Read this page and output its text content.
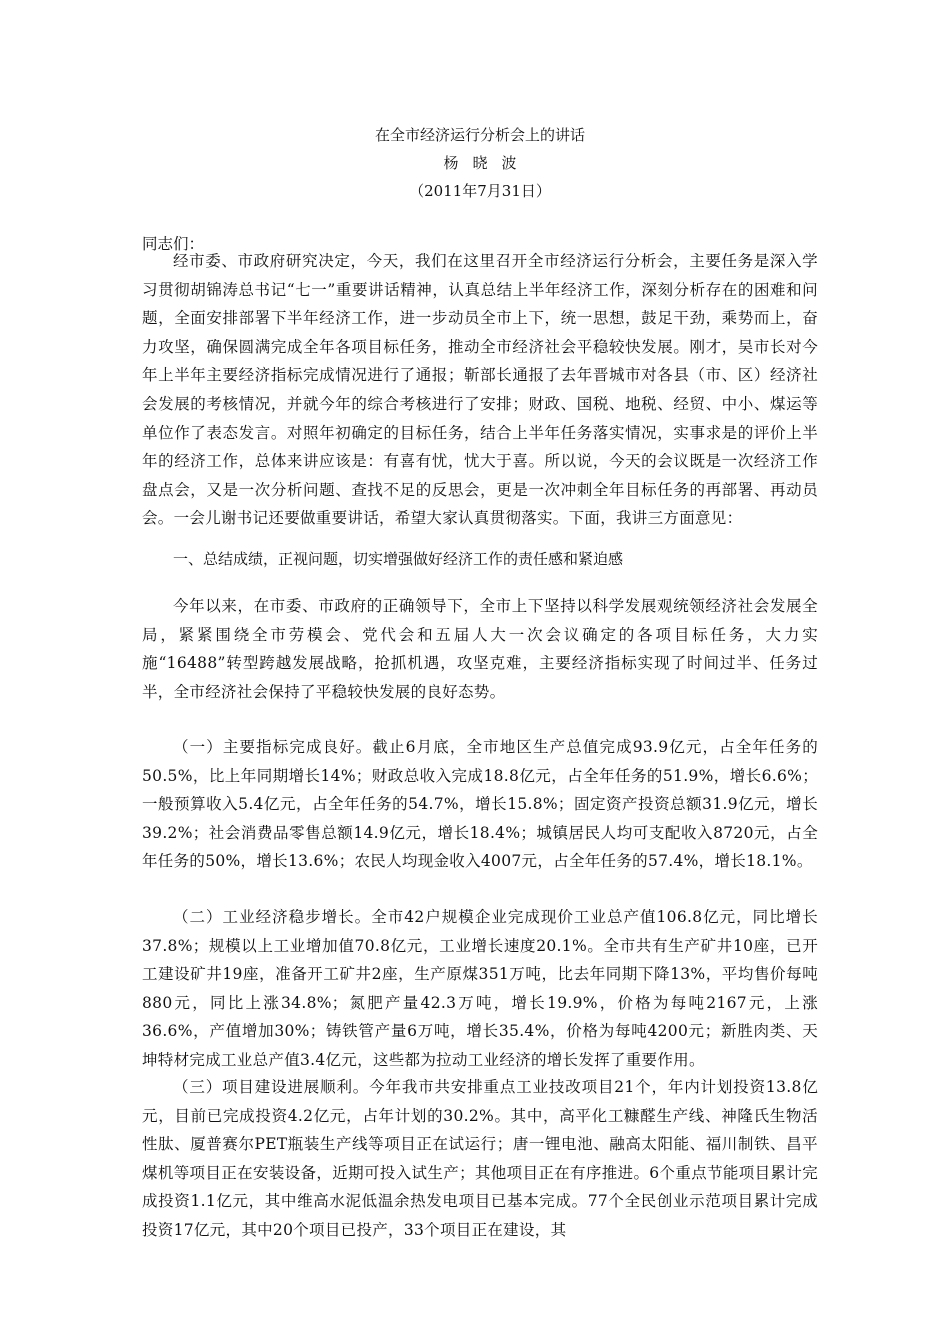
在全市经济运行分析会上的讲话
杨晓波
（2011年7月31日）
同志们：

经市委、市政府研究决定，今天，我们在这里召开全市经济运行分析会，主要任务是深入学习贯彻胡锦涛总书记“七一”重要讲话精神，认真总结上半年经济工作，深刻分析存在的困难和问题，全面安排部署下半年经济工作，进一步动员全市上下，统一思想，鼓足干劲，乘势而上，奋力攻坚，确保圆满完成全年各项目标任务，推动全市经济社会平稳较快发展。刚才，吴市长对今年上半年主要经济指标完成情况进行了通报；靳部长通报了去年晋城市对各县（市、区）经济社会发展的考核情况，并就今年的综合考核进行了安排；财政、国税、地税、经贸、中小、煤运等单位作了表态发言。对照年初确定的目标任务，结合上半年任务落实情况，实事求是的评价上半年的经济工作，总体来讲应该是：有喜有忧，忧大于喜。所以说，今天的会议既是一次经济工作盘点会，又是一次分析问题、查找不足的反思会，更是一次冲刺全年目标任务的再部署、再动员会。一会儿谢书记还要做重要讲话，希望大家认真贯彻落实。下面，我讲三方面意见：

一、总结成绩，正视问题，切实增强做好经济工作的责任感和紧迫感

今年以来，在市委、市政府的正确领导下，全市上下坚持以科学发展观统领经济社会发展全局，紧紧围绕全市劳模会、党代会和五届人大一次会议确定的各项目标任务，大力实施“16488”转型跨越发展战略，抢抓机遇，攻坚克难，主要经济指标实现了时间过半、任务过半，全市经济社会保持了平稳较快发展的良好态势。

（一）主要指标完成良好。截止6月底，全市地区生产总值完成93.9亿元，占全年任务的50.5%，比上年同期增长14%；财政总收入完成18.8亿元，占全年任务的51.9%，增长6.6%；一般预算收入5.4亿元，占全年任务的54.7%，增长15.8%；固定资产投资总额31.9亿元，增长39.2%；社会消费品零售总额14.9亿元，增长18.4%；城镇居民人均可支配收入8720元，占全年任务的50%，增长13.6%；农民人均现金收入4007元，占全年任务的57.4%，增长18.1%。

（二）工业经济稳步增长。全市42户规模企业完成现价工业总产值106.8亿元，同比增长37.8%；规模以上工业增加值70.8亿元，工业增长速度20.1%。全市共有生产矿井10座，已开工建设矿井19座，准备开工矿井2座，生产原煤351万吨，比去年同期下降13%，平均售价每吨880元，同比上涨34.8%；氮肥产量42.3万吨，增长19.9%，价格为每吨2167元，上涨36.6%，产值增加30%；铸铁管产量6万吨，增长35.4%，价格为每吨4200元；新胜肉类、天坤特材完成工业总产值3.4亿元，这些都为拉动工业经济的增长发挥了重要作用。

（三）项目建设进展顺利。今年我市共安排重点工业技改项目21个，年内计划投资13.8亿元，目前已完成投资4.2亿元，占年计划的30.2%。其中，高平化工糠醛生产线、神隆氏生物活性肽、厦普赛尔PET瓶装生产线等项目正在试运行；唐一锂电池、融高太阳能、福川制铁、昌平煤机等项目正在安装设备，近期可投入试生产；其他项目正在有序推进。6个重点节能项目累计完成投资1.1亿元，其中维高水泥低温余热发电项目已基本完成。77个全民创业示范项目累计完成投资17亿元，其中20个项目已投产，33个项目正在建设，其
